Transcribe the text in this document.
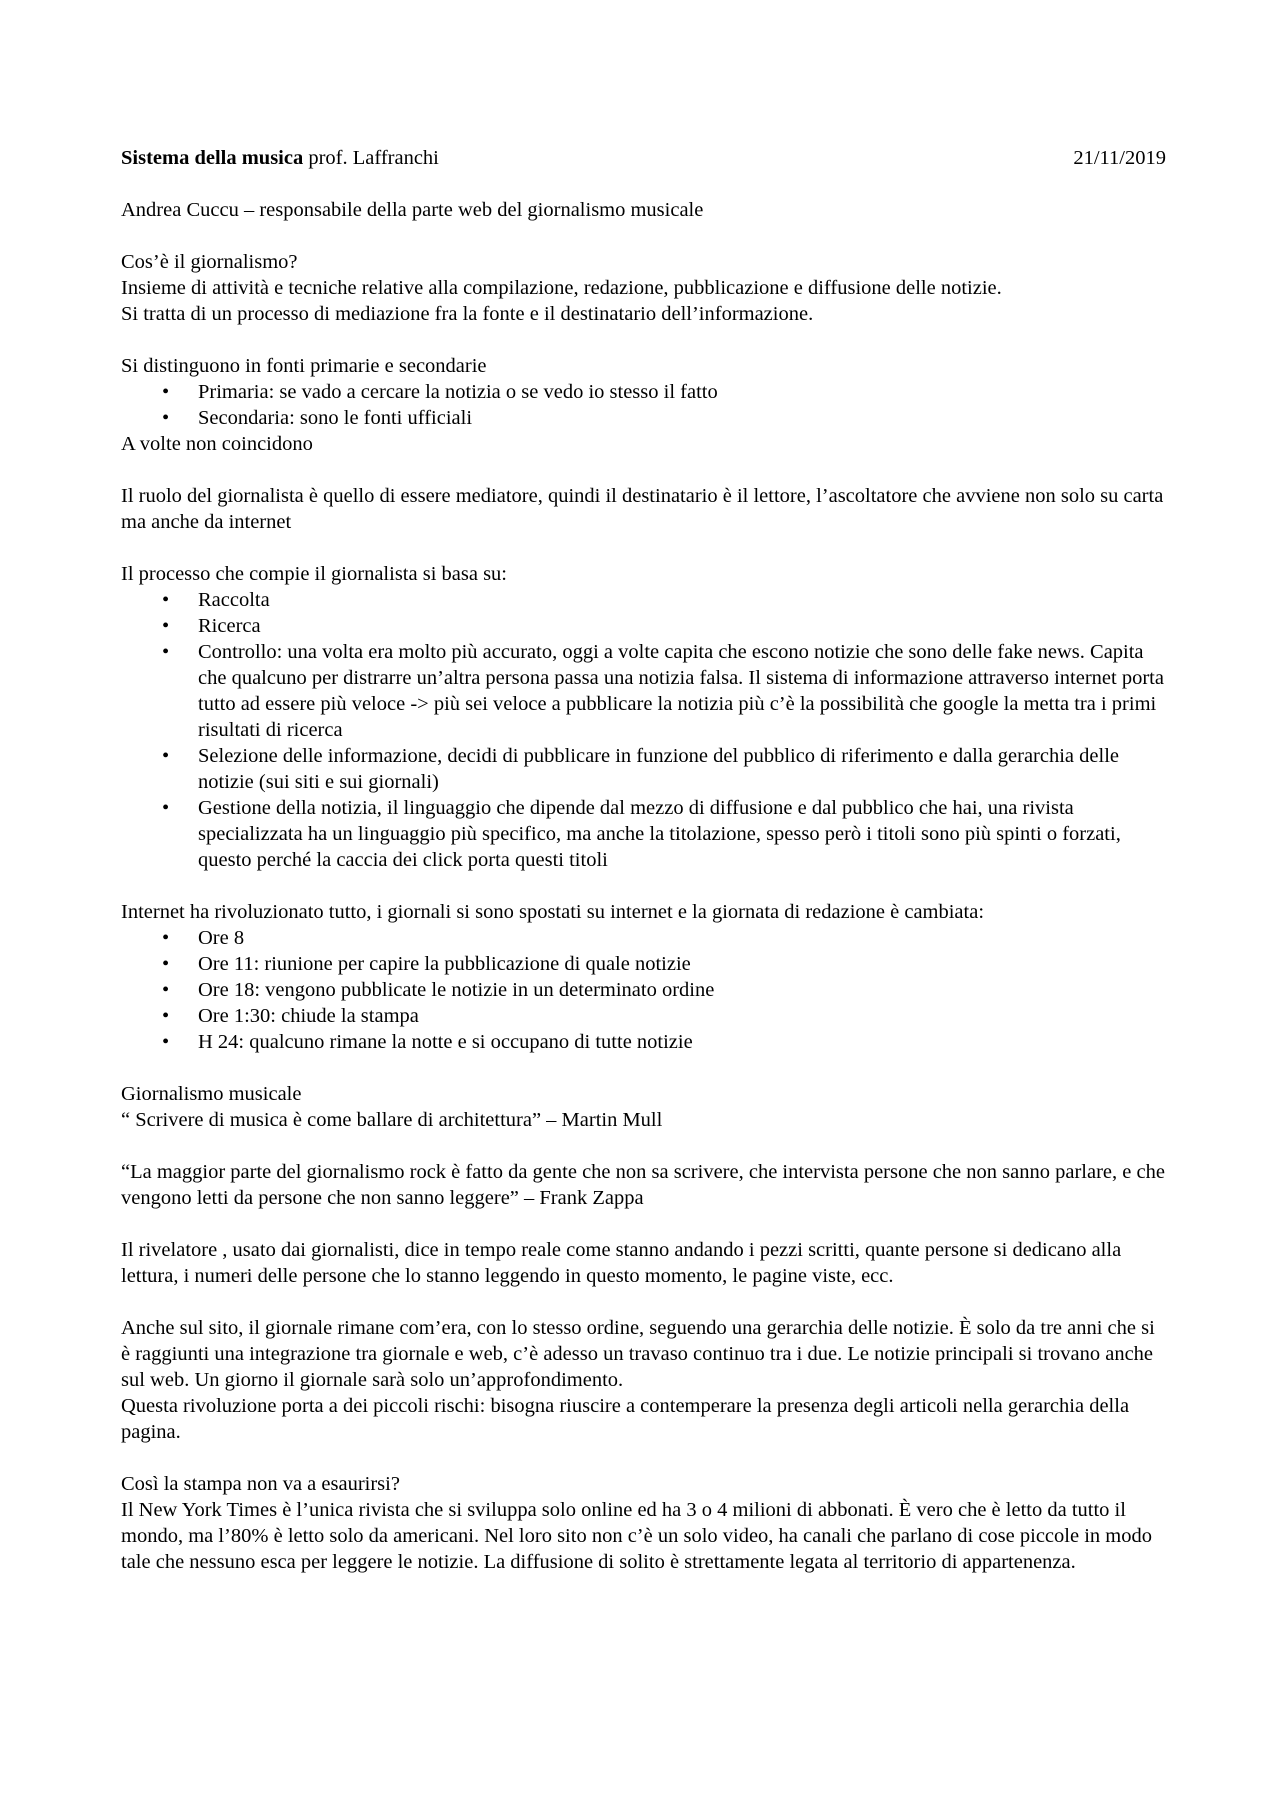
Sistema della musica prof. Laffranchi	21/11/2019

Andrea Cuccu – responsabile della parte web del giornalismo musicale

Cos’è il giornalismo?

Insieme di attività e tecniche relative alla compilazione, redazione, pubblicazione e diffusione delle notizie.

Si tratta di un processo di mediazione fra la fonte e il destinatario dell’informazione.

Si distinguono in fonti primarie e secondarie

• Primaria: se vado a cercare la notizia o se vedo io stesso il fatto
• Secondaria: sono le fonti ufficiali

A volte non coincidono

Il ruolo del giornalista è quello di essere mediatore, quindi il destinatario è il lettore, l’ascoltatore che avviene non solo su carta ma anche da internet

Il processo che compie il giornalista si basa su:

• Raccolta
• Ricerca
• Controllo: una volta era molto più accurato, oggi a volte capita che escono notizie che sono delle fake news. Capita che qualcuno per distrarre un’altra persona passa una notizia falsa. Il sistema di informazione attraverso internet porta tutto ad essere più veloce -> più sei veloce a pubblicare la notizia più c’è la possibilità che google la metta tra i primi risultati di ricerca
• Selezione delle informazione, decidi di pubblicare in funzione del pubblico di riferimento e dalla gerarchia delle notizie (sui siti e sui giornali)
• Gestione della notizia, il linguaggio che dipende dal mezzo di diffusione e dal pubblico che hai, una rivista specializzata ha un linguaggio più specifico, ma anche la titolazione, spesso però i titoli sono più spinti o forzati, questo perché la caccia dei click porta questi titoli

Internet ha rivoluzionato tutto, i giornali si sono spostati su internet e la giornata di redazione è cambiata:

• Ore 8
• Ore 11: riunione per capire la pubblicazione di quale notizie
• Ore 18: vengono pubblicate le notizie in un determinato ordine
• Ore 1:30: chiude la stampa
• H 24: qualcuno rimane la notte e si occupano di tutte notizie

Giornalismo musicale

“ Scrivere di musica è come ballare di architettura” – Martin Mull

“La maggior parte del giornalismo rock è fatto da gente che non sa scrivere, che intervista persone che non sanno parlare, e che vengono letti da persone che non sanno leggere” – Frank Zappa

Il rivelatore , usato dai giornalisti, dice in tempo reale come stanno andando i pezzi scritti, quante persone si dedicano alla lettura, i numeri delle persone che lo stanno leggendo in questo momento, le pagine viste, ecc.

Anche sul sito, il giornale rimane com’era, con lo stesso ordine, seguendo una gerarchia delle notizie. È solo da tre anni che si è raggiunti una integrazione tra giornale e web, c’è adesso un travaso continuo tra i due. Le notizie principali si trovano anche sul web. Un giorno il giornale sarà solo un’approfondimento.

Questa rivoluzione porta a dei piccoli rischi: bisogna riuscire a contemperare la presenza degli articoli nella gerarchia della pagina.

Così la stampa non va a esaurirsi?

Il New York Times è l’unica rivista che si sviluppa solo online ed ha 3 o 4 milioni di abbonati. È vero che è letto da tutto il mondo, ma l’80% è letto solo da americani. Nel loro sito non c’è un solo video, ha canali che parlano di cose piccole in modo tale che nessuno esca per leggere le notizie. La diffusione di solito è strettamente legata al territorio di appartenenza.
